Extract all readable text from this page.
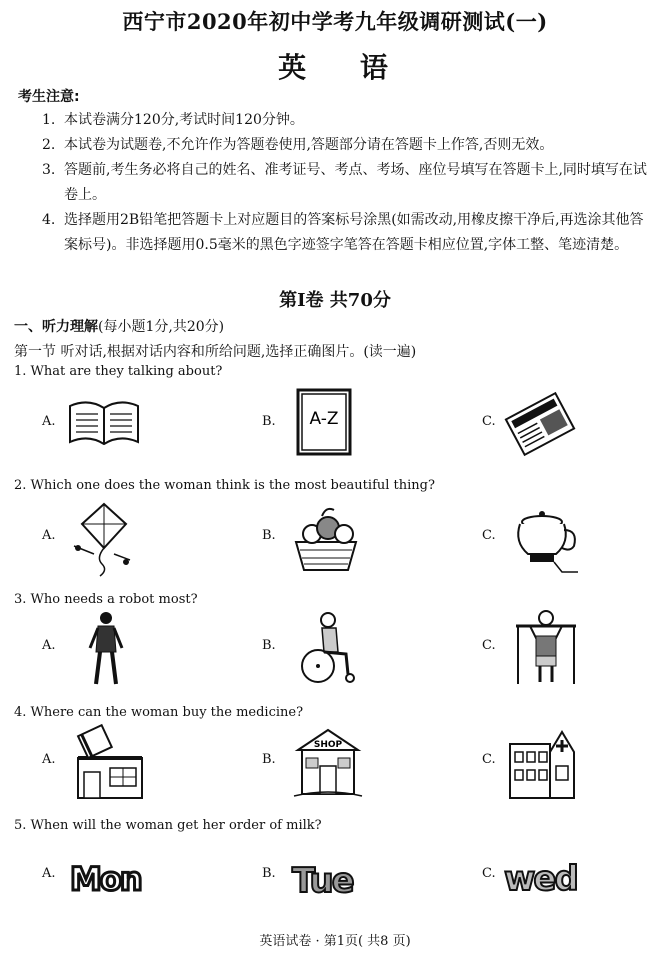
西宁市2020年初中学考九年级调研测试(一)
英 语
考生注意:
1. 本试卷满分120分,考试时间120分钟。
2. 本试卷为试题卷,不允许作为答题卷使用,答题部分请在答题卡上作答,否则无效。
3. 答题前,考生务必将自己的姓名、准考证号、考点、考场、座位号填写在答题卡上,同时填写在试卷上。
4. 选择题用2B铅笔把答题卡上对应题目的答案标号涂黑(如需改动,用橡皮擦干净后,再选涂其他答案标号)。非选择题用0.5毫米的黑色字迹签字笔答在答题卡相应位置,字体工整、笔迹清楚。
第Ⅰ卷 共70分
一、听力理解(每小题1分,共20分)
第一节 听对话,根据对话内容和所给问题,选择正确图片。(读一遍)
1. What are they talking about?
A.	B. A-Z	C.
2. Which one does the woman think is the most beautiful thing?
A.	B.	C.
3. Who needs a robot most?
A.	B.	C.
4. Where can the woman buy the medicine?
A.	B.
SHOP
C.
5. When will the woman get her order of milk?
A. Mon	B. Tue	C. wed
英语试卷 · 第1页( 共8 页)
